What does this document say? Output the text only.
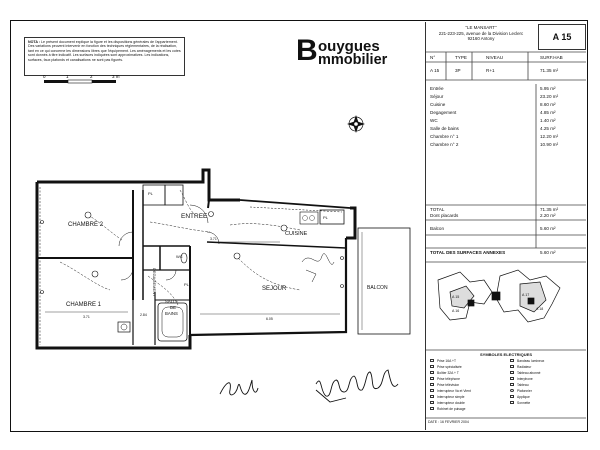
NOTA : Le présent document explique la figure et les dispositions générales de l'appartement. Des variations peuvent intervenir en fonction des techniques réglementaires, de la réalisation, tant en ce qui concerne les dimensions libres que l'équipement. Les aménagements et les cotes sont donnés à titre indicatif. Les surfaces indiquées sont approximatives. Les indications, surfaces, faux plafonds et canalisations ne sont pas figurés.	B ouygues
mmobilier
0	1	2	3 m
CHAMBRE 2
CHAMBRE 1
ENTREE
CUISINE
SEJOUR	BALCON
DEGAGEMENT
WC
SALLE
DE
BAINS
PL
PL
PL
3.71
3.71
6.05
2.84
A 15
A 16
A 17
A 18
"LE MANSART"
221-223-225, avenue de la Division Leclerc
92160 Antony	A 15
N°	TYPE	NIVEAU	SURF.HAB
A 15	3P	R+1	71.35 m²
Entrée	5.95 m²
Séjour	23.20 m²
Cuisine	8.60 m²
Degagement	4.85 m²
WC	1.40 m²
Salle de bains	4.25 m²
Chambre n° 1	12.20 m²
Chambre n° 2	10.90 m²
TOTAL	71.35 m²
Dont placards	2.20 m²
Balcon	5.60 m²
TOTAL DES SURFACES ANNEXES	5.60 m²
SYMBOLES ELECTRIQUES
Prise 16A +T
Prise spécialisée
Boîtier 32A + T
Prise téléphone
Prise télévision
Interrupteur Va et Vient
Interrupteur simple
Interrupteur double
Robinet de puisage
Bandeau lumineux
Radiateur
Tableau abonné
Interphone
Tableau
Plafonnier
Applique
Sonnette
DATE : 16 FEVRIER 2004
